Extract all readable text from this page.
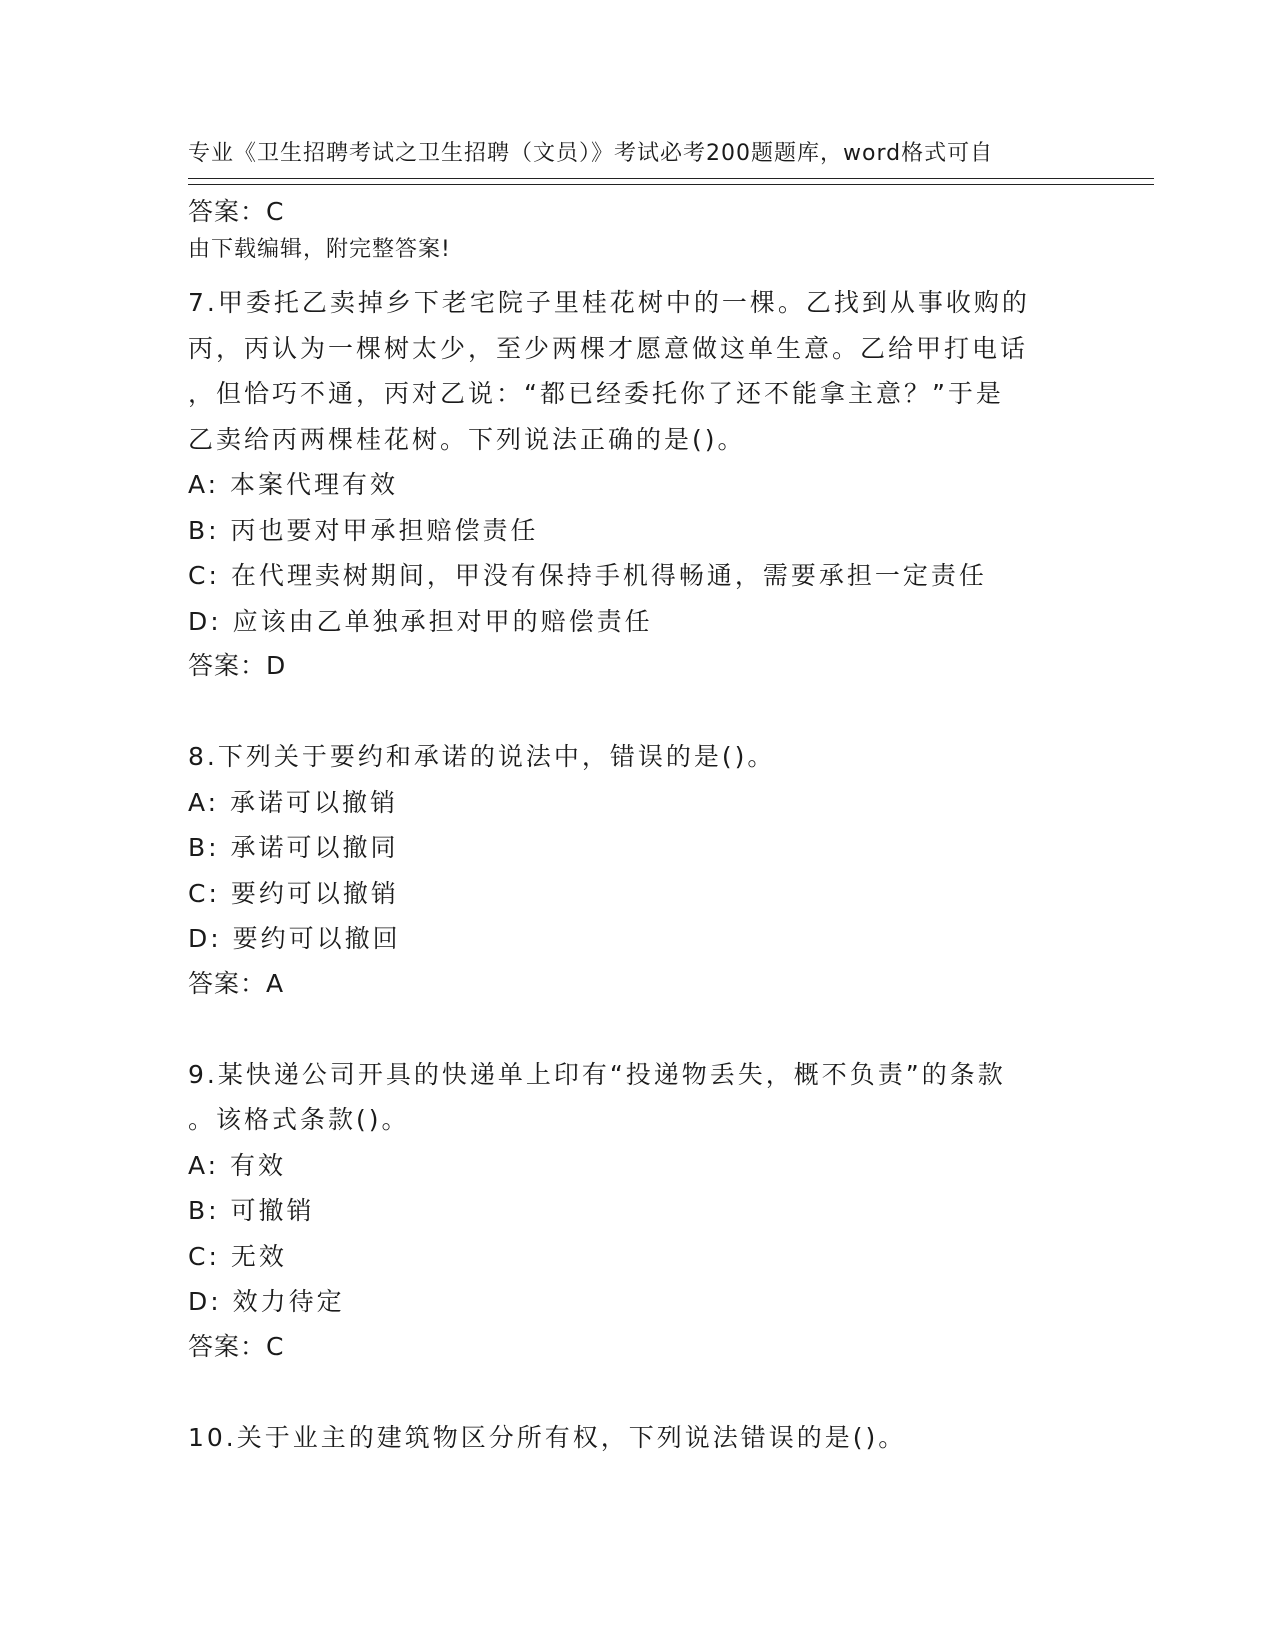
专业《卫生招聘考试之卫生招聘（文员）》考试必考200题题库，word格式可自

由下载编辑，附完整答案!

答案：C
7.甲委托乙卖掉乡下老宅院子里桂花树中的一棵。乙找到从事收购的
丙，丙认为一棵树太少，至少两棵才愿意做这单生意。乙给甲打电话
，但恰巧不通，丙对乙说：“都已经委托你了还不能拿主意？”于是
乙卖给丙两棵桂花树。下列说法正确的是()。
A: 本案代理有效
B: 丙也要对甲承担赔偿责任
C: 在代理卖树期间，甲没有保持手机得畅通，需要承担一定责任
D: 应该由乙单独承担对甲的赔偿责任
答案：D
8.下列关于要约和承诺的说法中，错误的是()。
A: 承诺可以撤销
B: 承诺可以撤同
C: 要约可以撤销
D: 要约可以撤回
答案：A
9.某快递公司开具的快递单上印有“投递物丢失，概不负责”的条款
。该格式条款()。
A: 有效
B: 可撤销
C: 无效
D: 效力待定
答案：C
10.关于业主的建筑物区分所有权，下列说法错误的是()。
